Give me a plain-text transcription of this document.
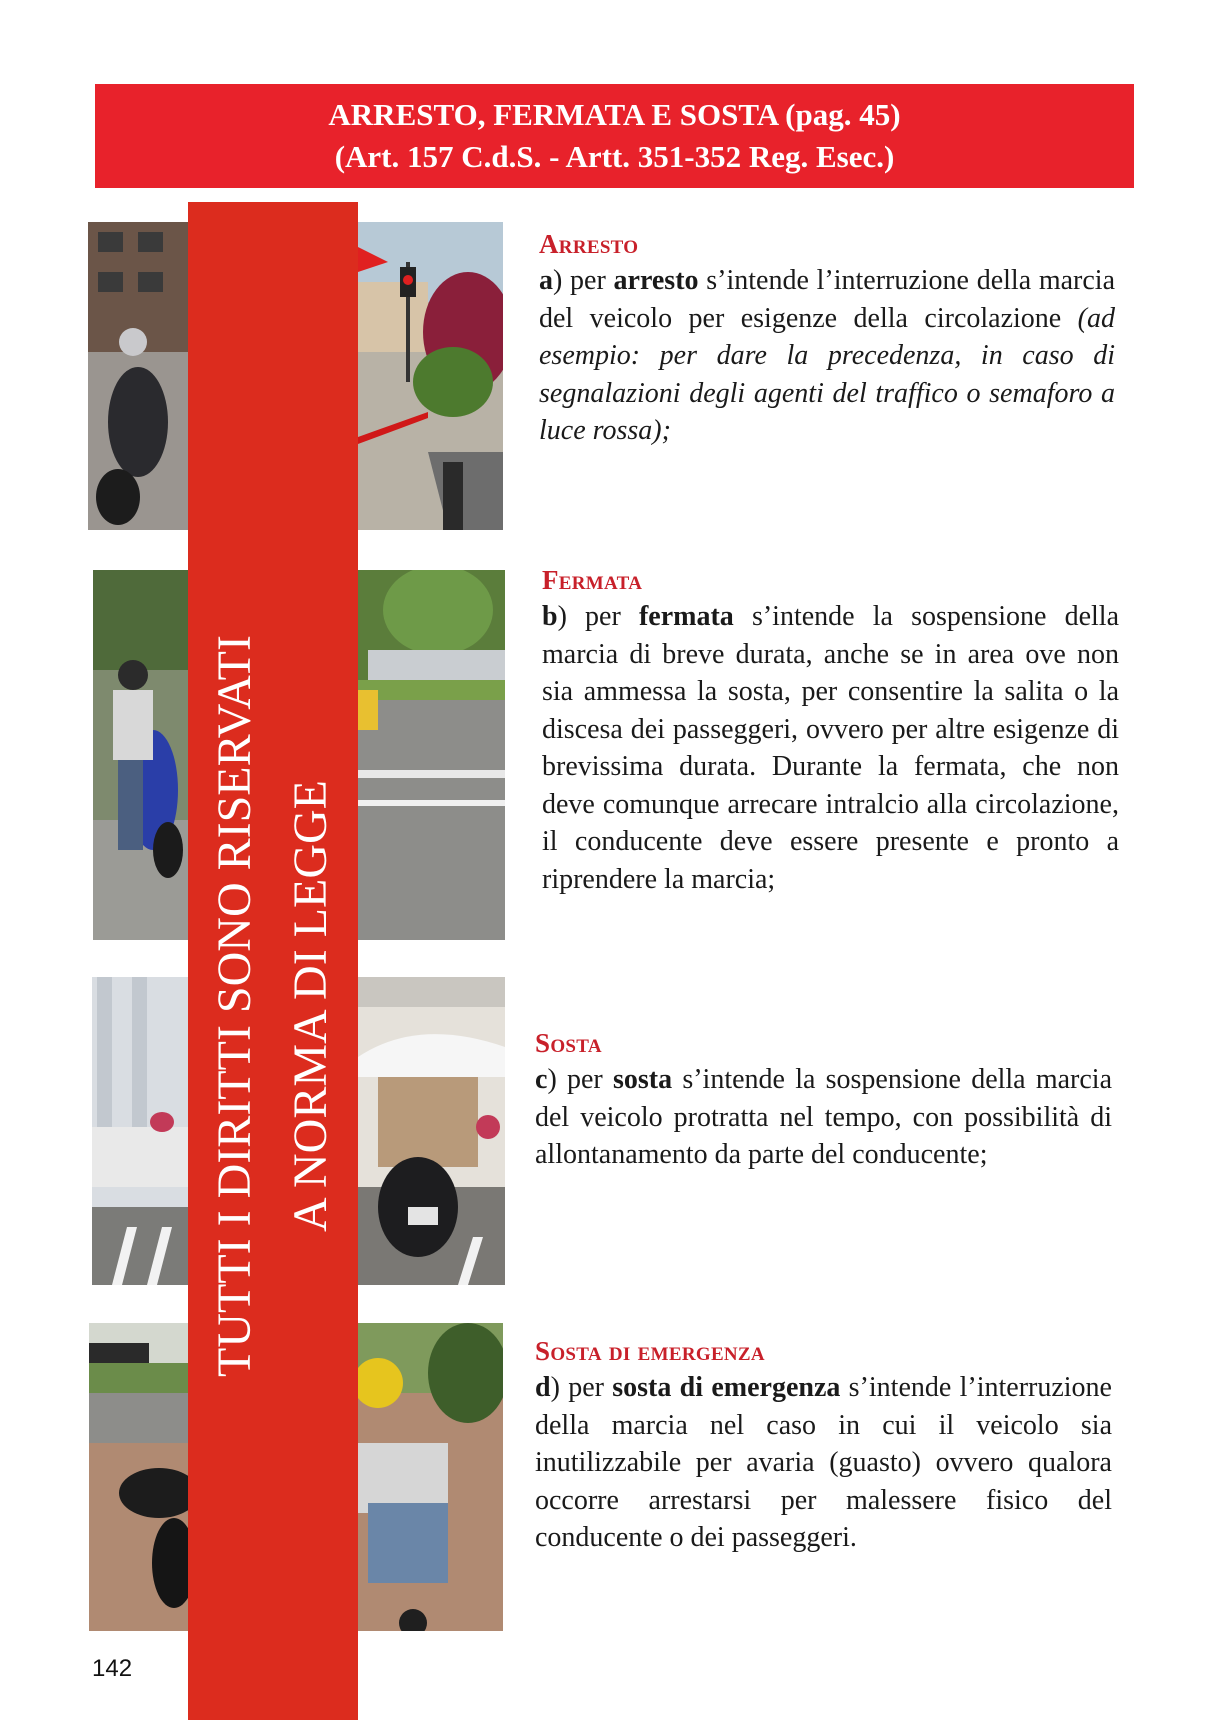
ARRESTO, FERMATA E SOSTA (pag. 45)
(Art. 157 C.d.S. - Artt. 351-352 Reg. Esec.)
TUTTI I DIRITTI SONO RISERVATI A NORMA DI LEGGE
Arresto

a) per arresto s’intende l’interruzione della marcia del veicolo per esigenze della circolazione (ad esempio: per dare la precedenza, in caso di segnalazioni degli agenti del traffico o semaforo a luce rossa);

Fermata

b) per fermata s’intende la sospensione della marcia di breve durata, anche se in area ove non sia ammessa la sosta, per consentire la salita o la discesa dei passeggeri, ovvero per altre esigenze di brevissima durata. Durante la fermata, che non deve comunque arrecare intralcio alla circolazione, il conducente deve essere presente e pronto a riprendere la marcia;

Sosta

c) per sosta s’intende la sospensione della marcia del veicolo protratta nel tempo, con possibilità di allontanamento da parte del conducente;

Sosta di emergenza

d) per sosta di emergenza s’intende l’interruzione della marcia nel caso in cui il veicolo sia inutilizzabile per avaria (guasto) ovvero qualora occorre arrestarsi per malessere fisico del conducente o dei passeggeri.

142
